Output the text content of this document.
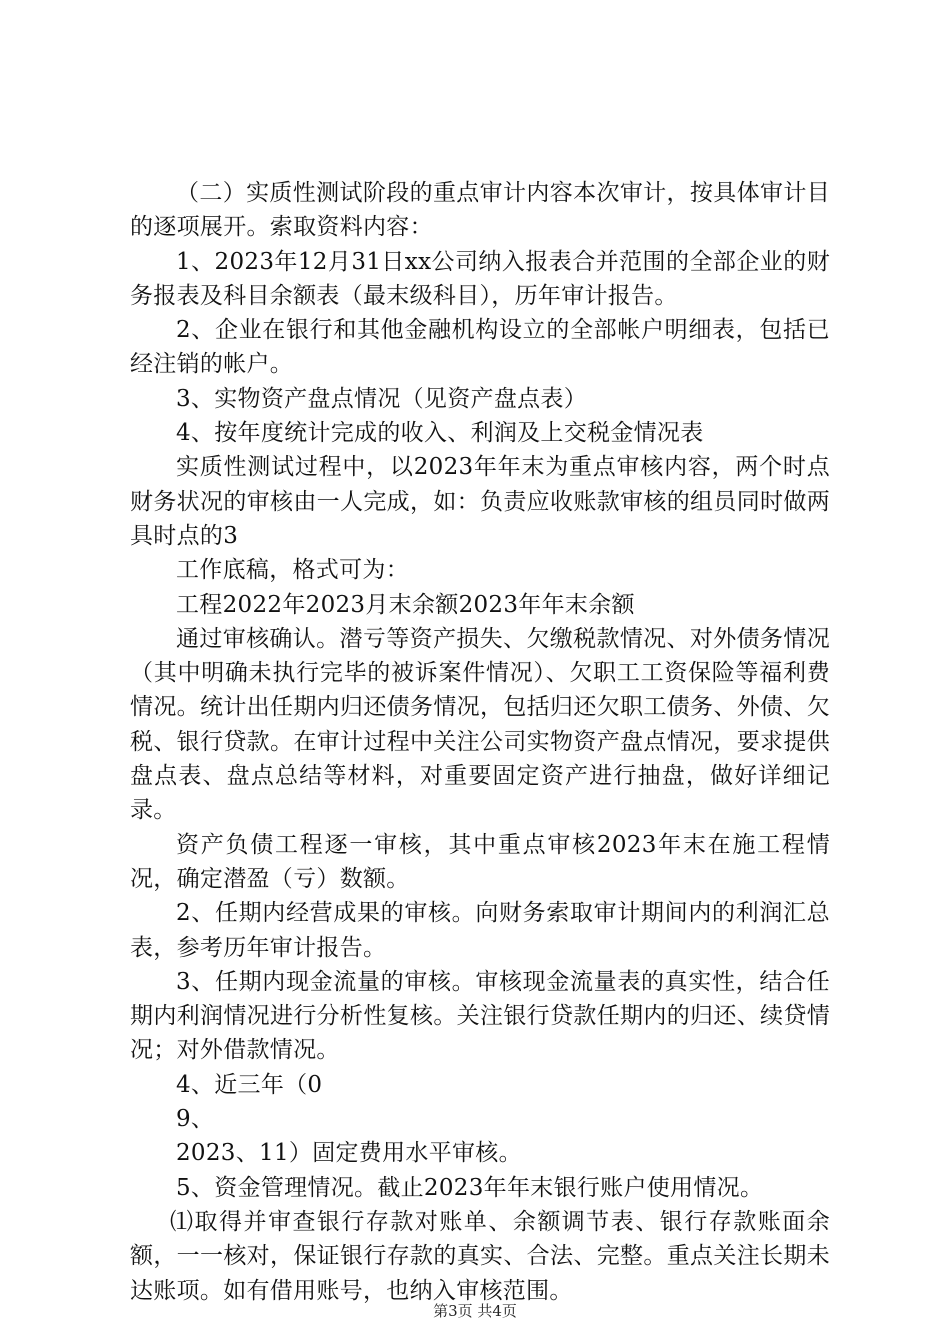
（二）实质性测试阶段的重点审计内容本次审计，按具体审计目的逐项展开。索取资料内容：

1、2023年12月31日xx公司纳入报表合并范围的全部企业的财务报表及科目余额表（最末级科目），历年审计报告。

2、企业在银行和其他金融机构设立的全部帐户明细表，包括已经注销的帐户。

3、实物资产盘点情况（见资产盘点表）

4、按年度统计完成的收入、利润及上交税金情况表

实质性测试过程中，以2023年年末为重点审核内容，两个时点财务状况的审核由一人完成，如：负责应收账款审核的组员同时做两具时点的3

工作底稿，格式可为：

工程2022年2023月末余额2023年年末余额

通过审核确认。潜亏等资产损失、欠缴税款情况、对外债务情况（其中明确未执行完毕的被诉案件情况）、欠职工工资保险等福利费情况。统计出任期内归还债务情况，包括归还欠职工债务、外债、欠税、银行贷款。在审计过程中关注公司实物资产盘点情况，要求提供盘点表、盘点总结等材料，对重要固定资产进行抽盘，做好详细记录。

资产负债工程逐一审核，其中重点审核2023年末在施工程情况，确定潜盈（亏）数额。

2、任期内经营成果的审核。向财务索取审计期间内的利润汇总表，参考历年审计报告。

3、任期内现金流量的审核。审核现金流量表的真实性，结合任期内利润情况进行分析性复核。关注银行贷款任期内的归还、续贷情况；对外借款情况。

4、近三年（0

9、

2023、11）固定费用水平审核。

5、资金管理情况。截止2023年年末银行账户使用情况。

⑴取得并审查银行存款对账单、余额调节表、银行存款账面余额，一一核对，保证银行存款的真实、合法、完整。重点关注长期未达账项。如有借用账号，也纳入审核范围。

第3页 共4页
